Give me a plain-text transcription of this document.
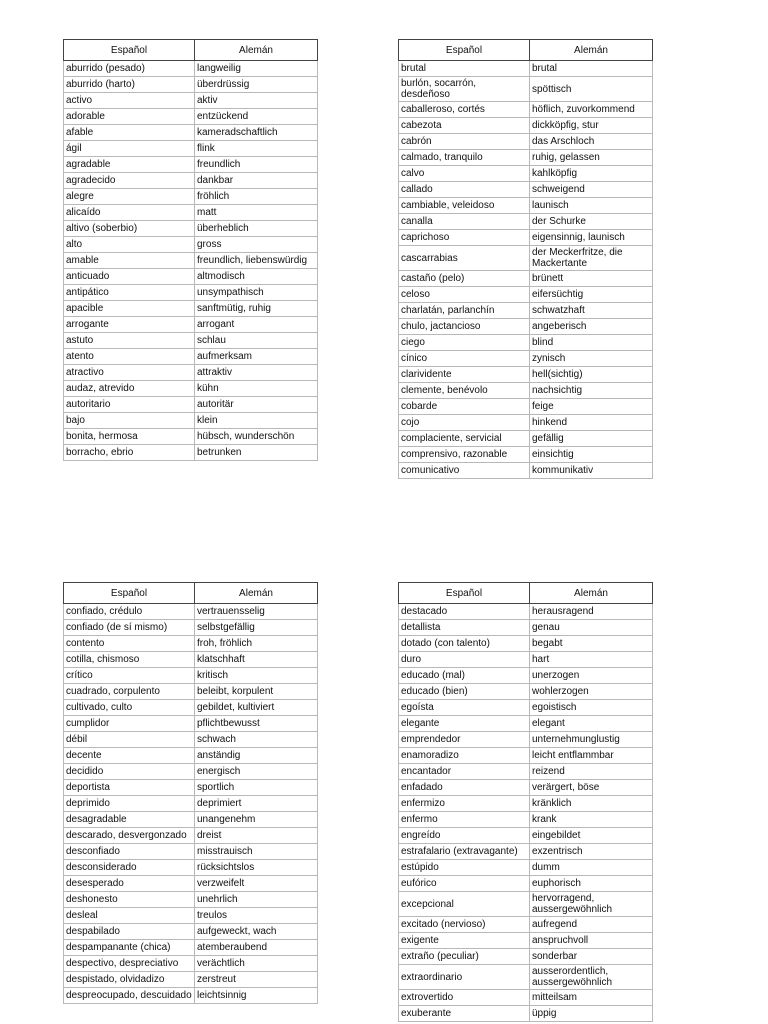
Español	Alemán
aburrido (pesado)	langweilig
aburrido (harto)	überdrüssig
activo	aktiv
adorable	entzückend
afable	kameradschaftlich
ágil	flink
agradable	freundlich
agradecido	dankbar
alegre	fröhlich
alicaído	matt
altivo (soberbio)	überheblich
alto	gross
amable	freundlich, liebenswürdig
anticuado	altmodisch
antipático	unsympathisch
apacible	sanftmütig, ruhig
arrogante	arrogant
astuto	schlau
atento	aufmerksam
atractivo	attraktiv
audaz, atrevido	kühn
autoritario	autoritär
bajo	klein
bonita, hermosa	hübsch, wunderschön
borracho, ebrio	betrunken
Español	Alemán
brutal	brutal
burlón, socarrón, desdeñoso	spöttisch
caballeroso, cortés	höflich, zuvorkommend
cabezota	dickköpfig, stur
cabrón	das Arschloch
calmado, tranquilo	ruhig, gelassen
calvo	kahlköpfig
callado	schweigend
cambiable, veleidoso	launisch
canalla	der Schurke
caprichoso	eigensinnig, launisch
cascarrabias	der Meckerfritze, die Mackertante
castaño (pelo)	brünett
celoso	eifersüchtig
charlatán, parlanchín	schwatzhaft
chulo, jactancioso	angeberisch
ciego	blind
cínico	zynisch
clarividente	hell(sichtig)
clemente, benévolo	nachsichtig
cobarde	feige
cojo	hinkend
complaciente, servicial	gefällig
comprensivo, razonable	einsichtig
comunicativo	kommunikativ
Español	Alemán
confiado, crédulo	vertrauensselig
confiado (de sí mismo)	selbstgefällig
contento	froh, fröhlich
cotilla, chismoso	klatschhaft
crítico	kritisch
cuadrado, corpulento	beleibt, korpulent
cultivado, culto	gebildet, kultiviert
cumplidor	pflichtbewusst
débil	schwach
decente	anständig
decidido	energisch
deportista	sportlich
deprimido	deprimiert
desagradable	unangenehm
descarado, desvergonzado	dreist
desconfiado	misstrauisch
desconsiderado	rücksichtslos
desesperado	verzweifelt
deshonesto	unehrlich
desleal	treulos
despabilado	aufgeweckt, wach
despampanante (chica)	atemberaubend
despectivo, despreciativo	verächtlich
despistado, olvidadizo	zerstreut
despreocupado, descuidado	leichtsinnig
Español	Alemán
destacado	herausragend
detallista	genau
dotado (con talento)	begabt
duro	hart
educado (mal)	unerzogen
educado (bien)	wohlerzogen
egoísta	egoistisch
elegante	elegant
emprendedor	unternehmunglustig
enamoradizo	leicht entflammbar
encantador	reizend
enfadado	verärgert, böse
enfermizo	kränklich
enfermo	krank
engreído	eingebildet
estrafalario (extravagante)	exzentrisch
estúpido	dumm
eufórico	euphorisch
excepcional	hervorragend, aussergewöhnlich
excitado (nervioso)	aufregend
exigente	anspruchvoll
extraño (peculiar)	sonderbar
extraordinario	ausserordentlich, aussergewöhnlich
extrovertido	mitteilsam
exuberante	üppig
